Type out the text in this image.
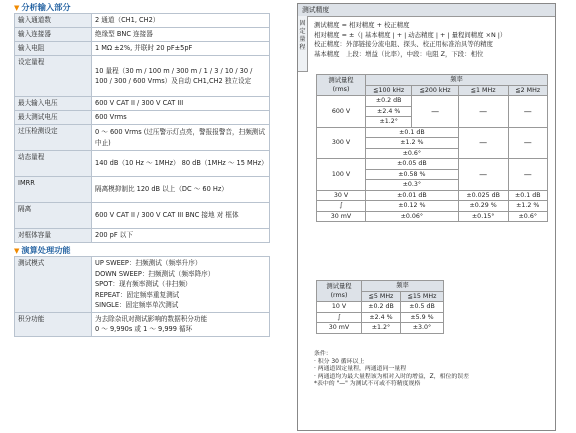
▼ 分析输入部分
输入通道数	2 通道（CH1, CH2）
输入连接器	绝缘型 BNC 连接器
输入电阻	1 MΩ ±2%, 并联时 20 pF±5pF
设定量程	10 量程（30 m / 100 m / 300 m / 1 / 3 / 10 / 30 / 100 / 300 / 600 Vrms）及自动 CH1,CH2 独立设定
最大输入电压	600 V CAT II / 300 V CAT III
最大测试电压	600 Vrms
过压检测设定	0 ～ 600 Vrms (过压警示灯点亮，警报报警音，扫频测试中止)
动态量程	140 dB（10 Hz ～ 1MHz） 80 dB（1MHz ～ 15 MHz）
IMRR	隔离模抑制比 120 dB 以上（DC ～ 60 Hz）
隔离	600 V CAT II / 300 V CAT III BNC 接地 对 框体
对框体容量	200 pF 以下
▼ 演算处理功能
测试模式	UP SWEEP：扫频测试（频率升序）
DOWN SWEEP：扫频测试（频率降序）
SPOT：现有频率测试（非扫频）
REPEAT：固定频率重复测试
SINGLE：固定频率单次测试

积分功能	为去除杂讯对测试影响的数据积分功能
0 ～ 9,990s 或 1 ～ 9,999 循环
测试精度
固定量程
测试精度 = 相对精度 + 校正精度
相对精度 = ±（| 基本精度 | + | 动态精度 | + | 量程间精度 ×N |）
校正精度：外部链接分流电阻、探头、校正用标准治具等的精度
基本精度　上段：增益（比率），中段：电阻 Z，下段：相位
测试量程
(rms)	频率			
	≦100 kHz	≦200 kHz	≦1 MHz	≦2 MHz
600 V	±0.2 dB	—	—	—
	±2.4 %			
	±1.2°			
300 V	±0.1 dB		—	—
	±1.2 %			
	±0.6°			
100 V	±0.05 dB		—	—
	±0.58 %			
	±0.3°			
30 V	±0.01 dB		±0.025 dB	±0.1 dB
∫	±0.12 %		±0.29 %	±1.2 %
30 mV	±0.06°		±0.15°	±0.6°
测试量程
(rms)	频率	
	≦5 MHz	≦15 MHz
10 V	±0.2 dB	±0.5 dB
∫	±2.4 %	±5.9 %
30 mV	±1.2°	±3.0°
条件：
· 积分 30 循环以上
· 两通道固定量程，两通道同一量程
· 两通道均为最大量程该为相对入时的增益，Z，相位的误差
*表中的 "—" 为测试不可或不符精度规格
